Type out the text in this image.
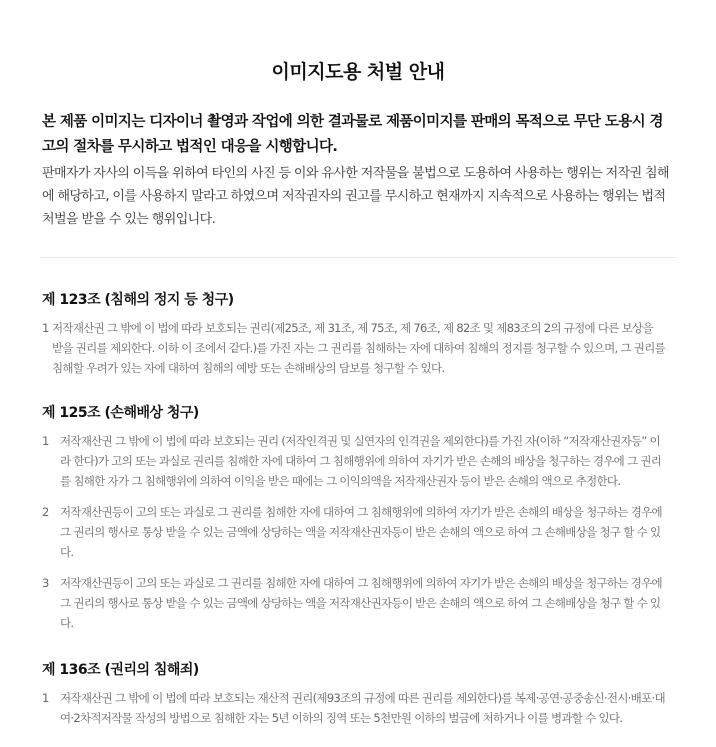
이미지도용 처벌 안내

본 제품 이미지는 디자이너 촬영과 작업에 의한 결과물로 제품이미지를 판매의 목적으로 무단 도용시 경고의 절차를 무시하고 법적인 대응을 시행합니다.

판매자가 자사의 이득을 위하여 타인의 사진 등 이와 유사한 저작물을 불법으로 도용하여 사용하는 행위는 저작권 침해에 해당하고, 이를 사용하지 말라고 하였으며 저작권자의 권고를 무시하고 현재까지 지속적으로 사용하는 행위는 법적 처벌을 받을 수 있는 행위입니다.

제 123조 (침해의 정지 등 청구)
1 저작재산권 그 밖에 이 법에 따라 보호되는 권리(제25조, 제 31조, 제 75조, 제 76조, 제 82조 및 제83조의 2의 규정에 다른 보상을 받을 권리를 제외한다. 이하 이 조에서 같다.)를 가진 자는 그 권리를 침해하는 자에 대하여 침해의 정지를 청구할 수 있으며, 그 권리를 침해할 우려가 있는 자에 대하여 침해의 예방 또는 손해배상의 담보를 청구할 수 있다.
제 125조 (손해배상 청구)
1 저작재산권 그 밖에 이 법에 따라 보호되는 권리 (저작인격권 및 실연자의 인격권을 제외한다)를 가진 자(이하 “저작재산권자등” 이라 한다)가 고의 또는 과실로 권리를 침해한 자에 대하여 그 침해행위에 의하여 자기가 받은 손해의 배상을 청구하는 경우에 그 권리를 침해한 자가 그 침해행위에 의하여 이익을 받은 때에는 그 이익의액을 저작재산권자 등이 받은 손해의 액으로 추정한다.
2 저작재산권등이 고의 또는 과실로 그 권리를 침해한 자에 대하여 그 침해행위에 의하여 자기가 받은 손해의 배상을 청구하는 경우에 그 권리의 행사로 통상 받을 수 있는 금액에 상당하는 액을 저작재산권자등이 받은 손해의 액으로 하여 그 손해배상을 청구 할 수 있다.
3 저작재산권등이 고의 또는 과실로 그 권리를 침해한 자에 대하여 그 침해행위에 의하여 자기가 받은 손해의 배상을 청구하는 경우에 그 권리의 행사로 통상 받을 수 있는 금액에 상당하는 액을 저작재산권자등이 받은 손해의 액으로 하여 그 손해배상을 청구 할 수 있다.
제 136조 (권리의 침해죄)
1 저작재산권 그 밖에 이 법에 따라 보호되는 재산적 권리(제93조의 규정에 따른 권리를 제외한다)를 복제·공연·공중송신·전시·배포·대여·2차적저작물 작성의 방법으로 침해한 자는 5년 이하의 징역 또는 5천만원 이하의 벌금에 처하거나 이를 병과할 수 있다.
